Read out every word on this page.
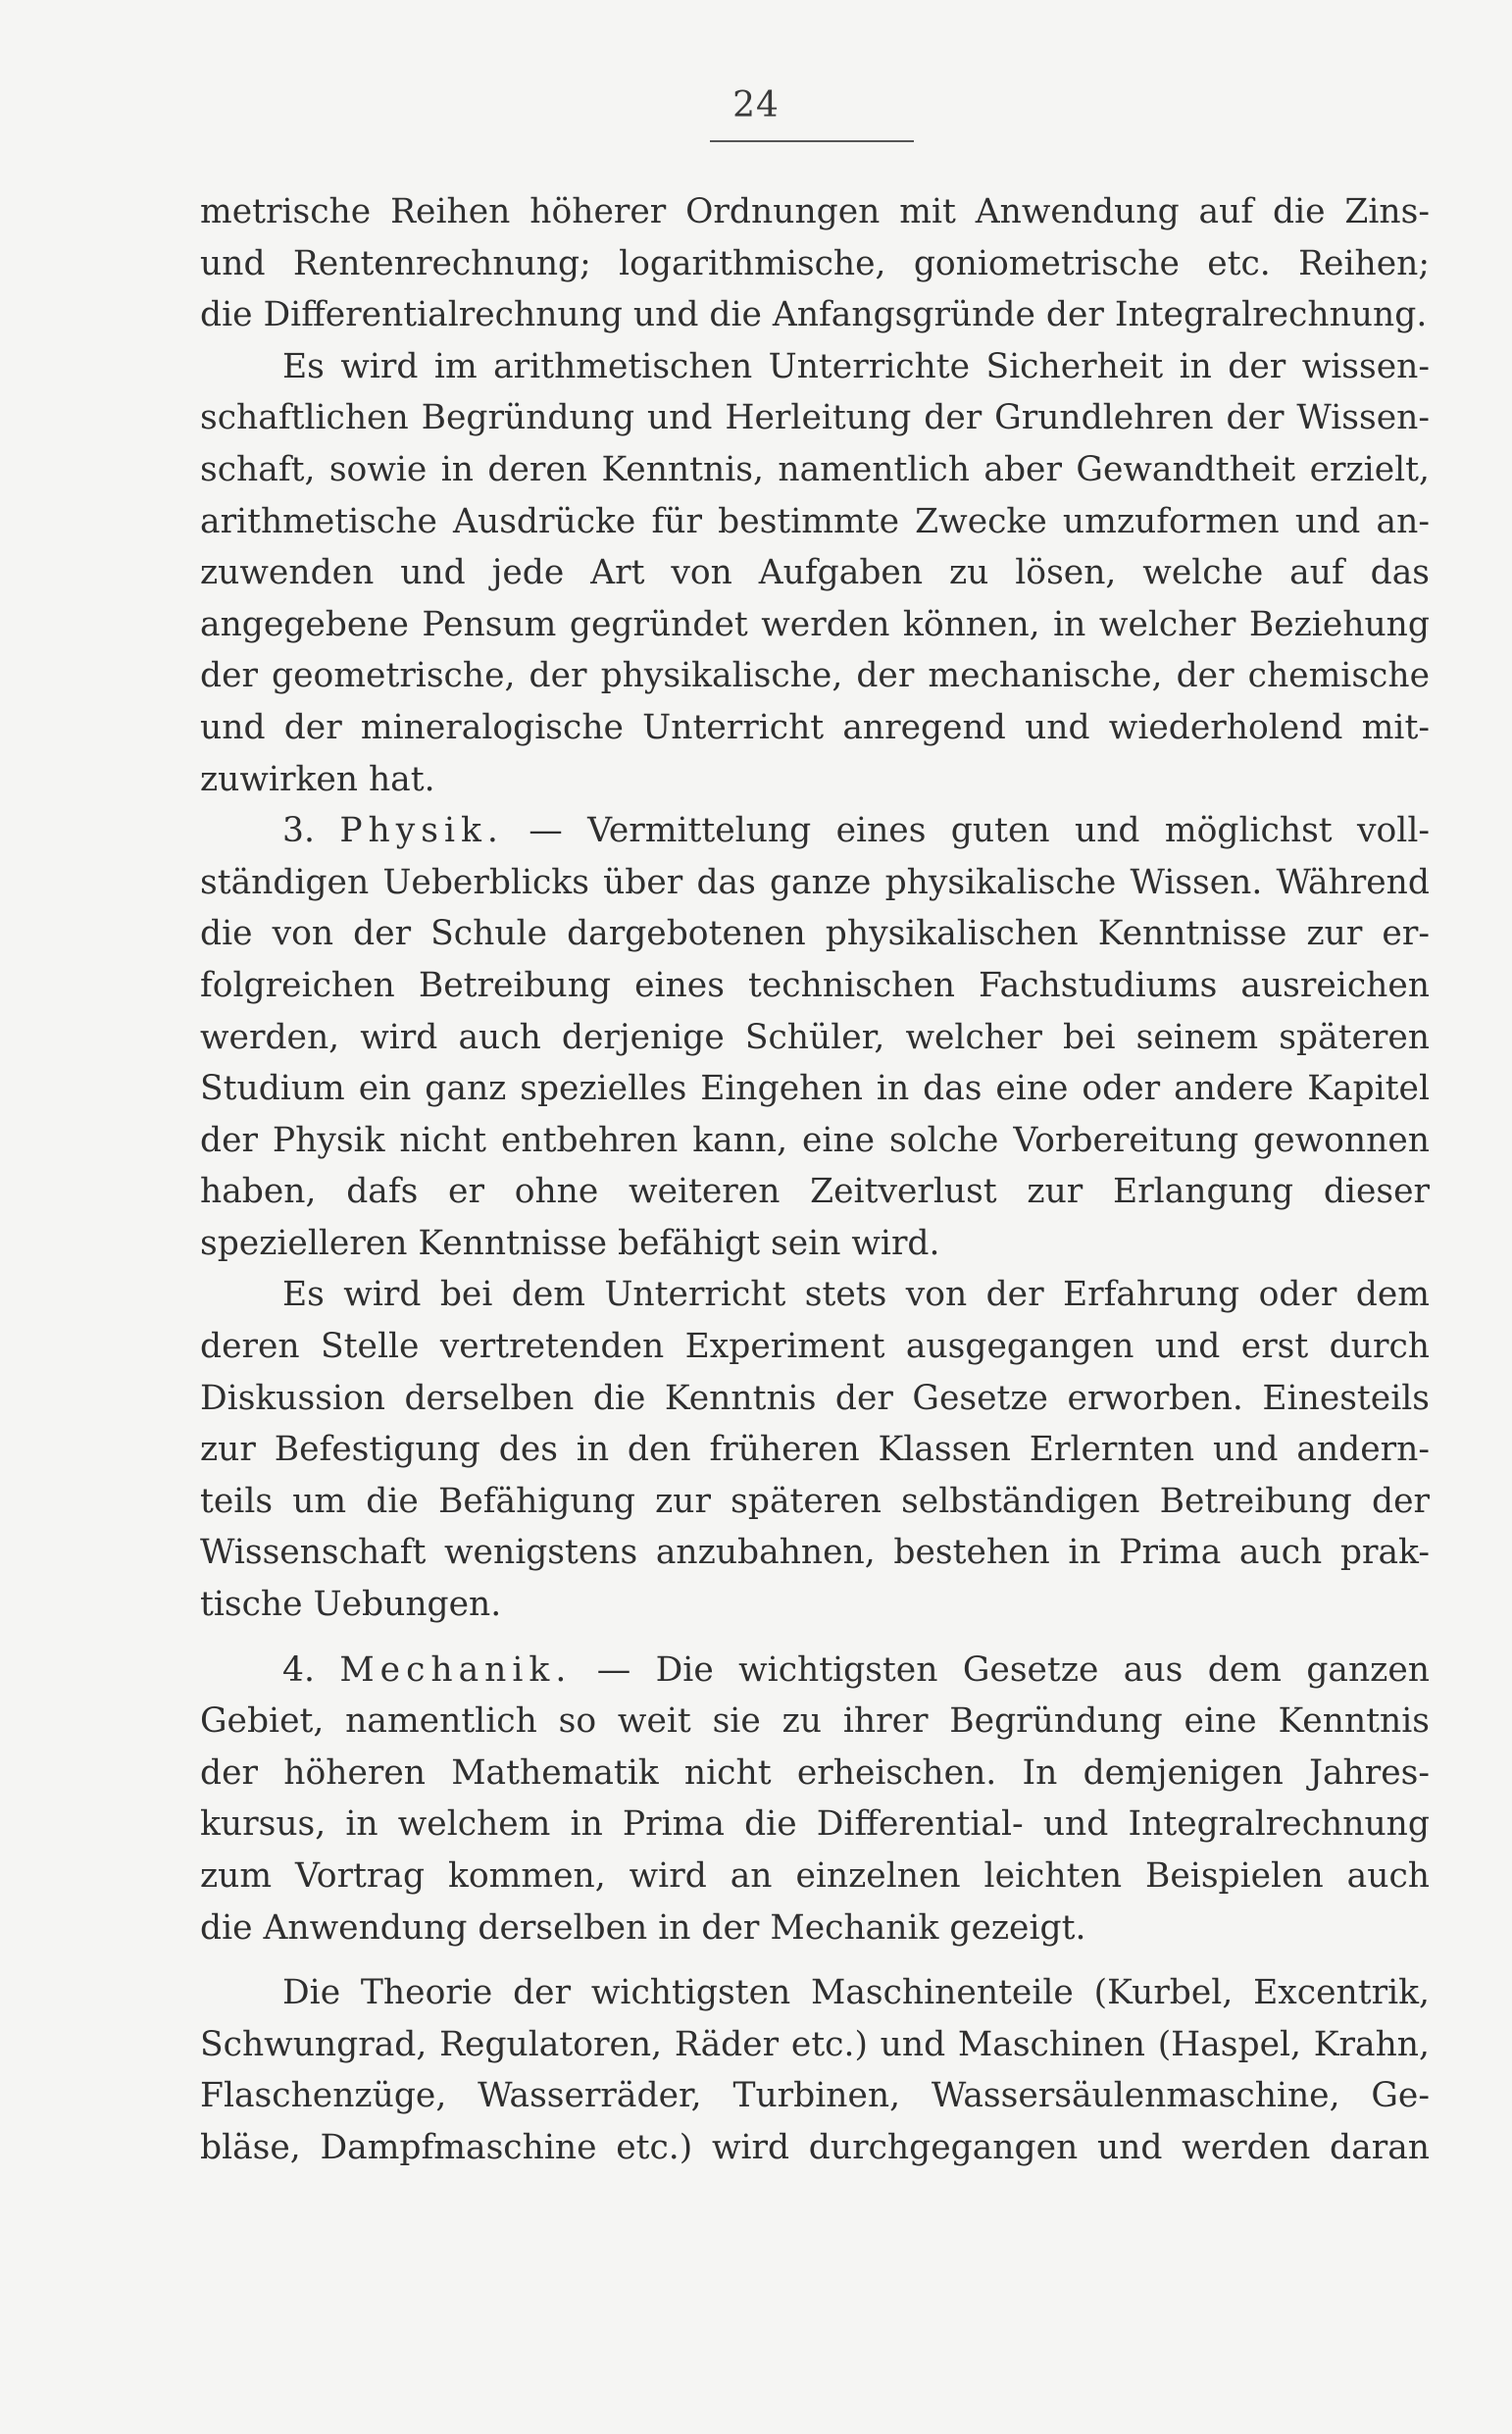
24
metrische Reihen höherer Ordnungen mit Anwendung auf die Zins-
und Rentenrechnung; logarithmische, goniometrische etc. Reihen;
die Differentialrechnung und die Anfangsgründe der Integralrechnung.
Es wird im arithmetischen Unterrichte Sicherheit in der wissen-
schaftlichen Begründung und Herleitung der Grundlehren der Wissen-
schaft, sowie in deren Kenntnis, namentlich aber Gewandtheit erzielt,
arithmetische Ausdrücke für bestimmte Zwecke umzuformen und an-
zuwenden und jede Art von Aufgaben zu lösen, welche auf das
angegebene Pensum gegründet werden können, in welcher Beziehung
der geometrische, der physikalische, der mechanische, der chemische
und der mineralogische Unterricht anregend und wiederholend mit-
zuwirken hat.
3. Physik. — Vermittelung eines guten und möglichst voll-
ständigen Ueberblicks über das ganze physikalische Wissen. Während
die von der Schule dargebotenen physikalischen Kenntnisse zur er-
folgreichen Betreibung eines technischen Fachstudiums ausreichen
werden, wird auch derjenige Schüler, welcher bei seinem späteren
Studium ein ganz spezielles Eingehen in das eine oder andere Kapitel
der Physik nicht entbehren kann, eine solche Vorbereitung gewonnen
haben, dafs er ohne weiteren Zeitverlust zur Erlangung dieser
spezielleren Kenntnisse befähigt sein wird.
Es wird bei dem Unterricht stets von der Erfahrung oder dem
deren Stelle vertretenden Experiment ausgegangen und erst durch
Diskussion derselben die Kenntnis der Gesetze erworben. Einesteils
zur Befestigung des in den früheren Klassen Erlernten und andern-
teils um die Befähigung zur späteren selbständigen Betreibung der
Wissenschaft wenigstens anzubahnen, bestehen in Prima auch prak-
tische Uebungen.
4. Mechanik. — Die wichtigsten Gesetze aus dem ganzen
Gebiet, namentlich so weit sie zu ihrer Begründung eine Kenntnis
der höheren Mathematik nicht erheischen. In demjenigen Jahres-
kursus, in welchem in Prima die Differential- und Integralrechnung
zum Vortrag kommen, wird an einzelnen leichten Beispielen auch
die Anwendung derselben in der Mechanik gezeigt.
Die Theorie der wichtigsten Maschinenteile (Kurbel, Excentrik,
Schwungrad, Regulatoren, Räder etc.) und Maschinen (Haspel, Krahn,
Flaschenzüge, Wasserräder, Turbinen, Wassersäulenmaschine, Ge-
bläse, Dampfmaschine etc.) wird durchgegangen und werden daran
